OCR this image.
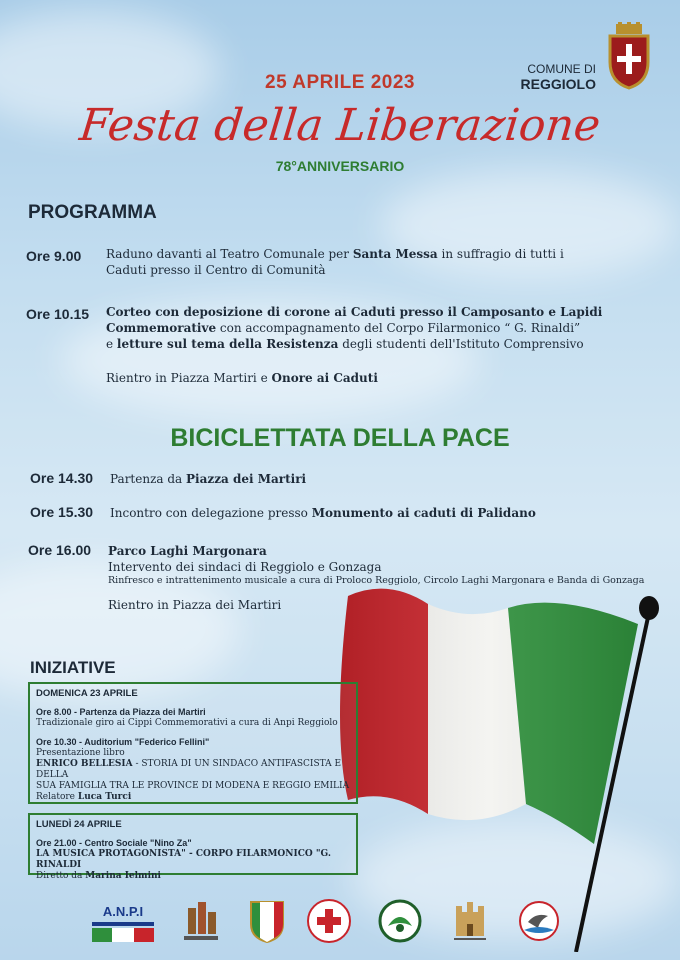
25 APRILE 2023
Festa della Liberazione
78°ANNIVERSARIO
COMUNE DI
REGGIOLO
PROGRAMMA
Ore 9.00 Raduno davanti al Teatro Comunale per Santa Messa in suffragio di tutti i
Caduti presso il Centro di Comunità
Ore 10.15 Corteo con deposizione di corone ai Caduti presso il Camposanto e Lapidi
Commemorative con accompagnamento del Corpo Filarmonico “ G. Rinaldi”
e letture sul tema della Resistenza degli studenti dell'Istituto Comprensivo
Rientro in Piazza Martiri e Onore ai Caduti
BICICLETTATA DELLA PACE
Ore 14.30 Partenza da Piazza dei Martiri
Ore 15.30 Incontro con delegazione presso Monumento ai caduti di Palidano
Ore 16.00 Parco Laghi Margonara
Intervento dei sindaci di Reggiolo e Gonzaga
Rinfresco e intrattenimento musicale a cura di Proloco Reggiolo, Circolo Laghi Margonara e Banda di Gonzaga
Rientro in Piazza dei Martiri
INIZIATIVE
DOMENICA 23 APRILE
Ore 8.00 - Partenza da Piazza dei Martiri
Tradizionale giro ai Cippi Commemorativi a cura di Anpi Reggiolo
Ore 10.30 - Auditorium "Federico Fellini"
Presentazione libro
ENRICO BELLESIA - STORIA DI UN SINDACO ANTIFASCISTA E DELLA
SUA FAMIGLIA TRA LE PROVINCE DI MODENA E REGGIO EMILIA
Relatore Luca Turci
LUNEDÌ 24 APRILE
Ore 21.00 - Centro Sociale "Nino Za"
LA MUSICA PROTAGONISTA" - CORPO FILARMONICO "G. RINALDI
Diretto da Marina Ielmini
A.N.P.I
